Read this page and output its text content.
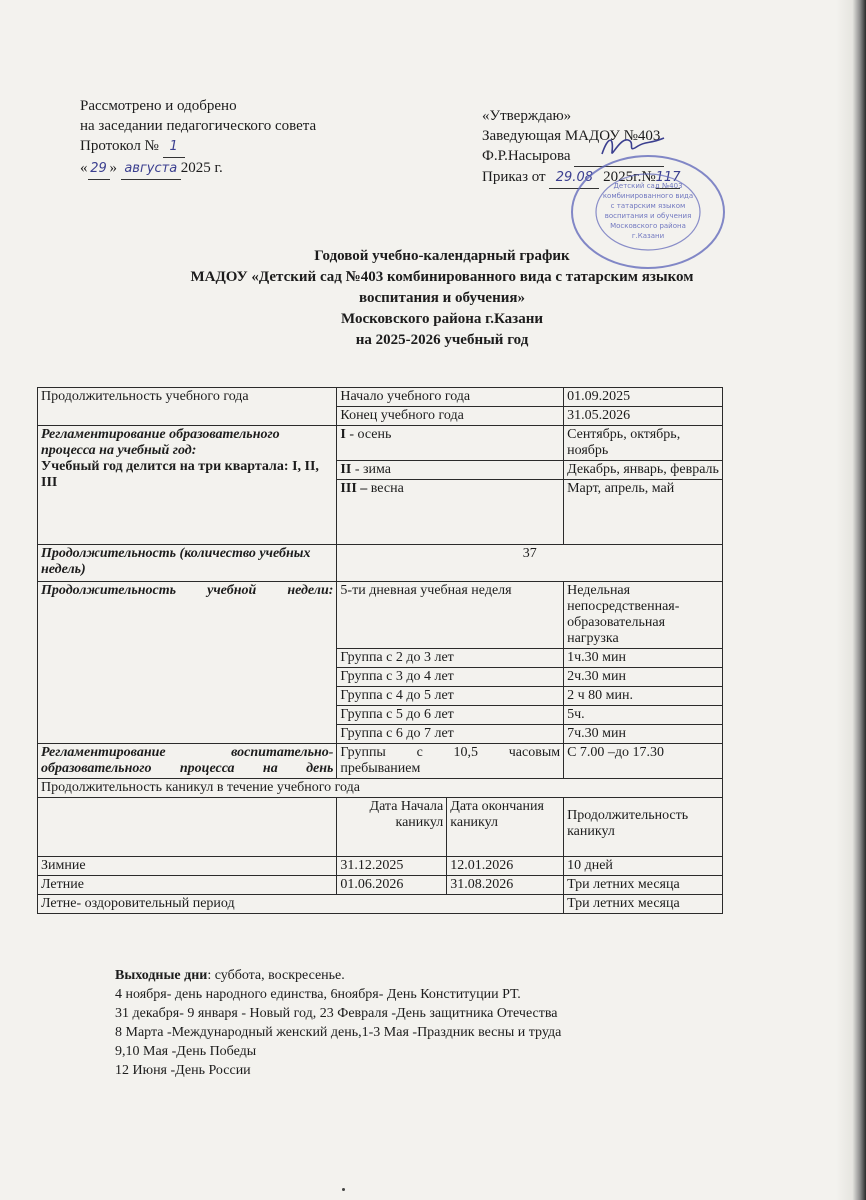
Рассмотрено и одобрено
на заседании педагогического совета
Протокол № 1
« 29 » августа 2025 г.
«Утверждаю»
Заведующая МАДОУ №403
Ф.Р.Насырова
Приказ от 29.08 2025г.№117
Детский сад №403
комбинированного вида
с татарским языком
воспитания и обучения
Московского района
г.Казани
Годовой учебно-календарный график
МАДОУ «Детский сад №403 комбинированного вида с татарским языком
воспитания и обучения»
Московского района г.Казани
на 2025-2026 учебный год
Продолжительность учебного года	Начало учебного года		01.09.2025
	Конец учебного года		31.05.2026

Регламентирование образовательного процесса на учебный год:
Учебный год делится на три квартала: I, II, III	I - осень		Сентябрь, октябрь, ноябрь
	II - зима		Декабрь, январь, февраль
	III – весна		Март, апрель, май
Продолжительность (количество учебных недель)	37		
Продолжительность учебной недели:	5-ти дневная учебная неделя		Недельная непосредственная-образовательная нагрузка
	Группа с 2 до 3 лет		1ч.30 мин
	Группа с 3 до 4 лет		2ч.30 мин
	Группа с 4 до 5 лет		2 ч 80 мин.
	Группа с 5 до 6 лет		5ч.
	Группа с 6 до 7 лет		7ч.30 мин
Регламентирование воспитательно-образовательного процесса на день	Группы с 10,5 часовым пребыванием		С 7.00 –до 17.30
Продолжительность каникул в течение учебного года			
	Дата Начала каникул	Дата окончания каникул	Продолжительность каникул
Зимние	31.12.2025	12.01.2026	10 дней
Летние	01.06.2026	31.08.2026	Три летних месяца
Летне- оздоровительный период			Три летних месяца
Выходные дни: суббота, воскресенье.
4 ноября- день народного единства, 6ноября- День Конституции РТ.
31 декабря- 9 января - Новый год, 23 Февраля -День защитника Отечества
8 Марта -Международный женский день,1-3 Мая -Праздник весны и труда
9,10 Мая -День Победы
12 Июня -День России
